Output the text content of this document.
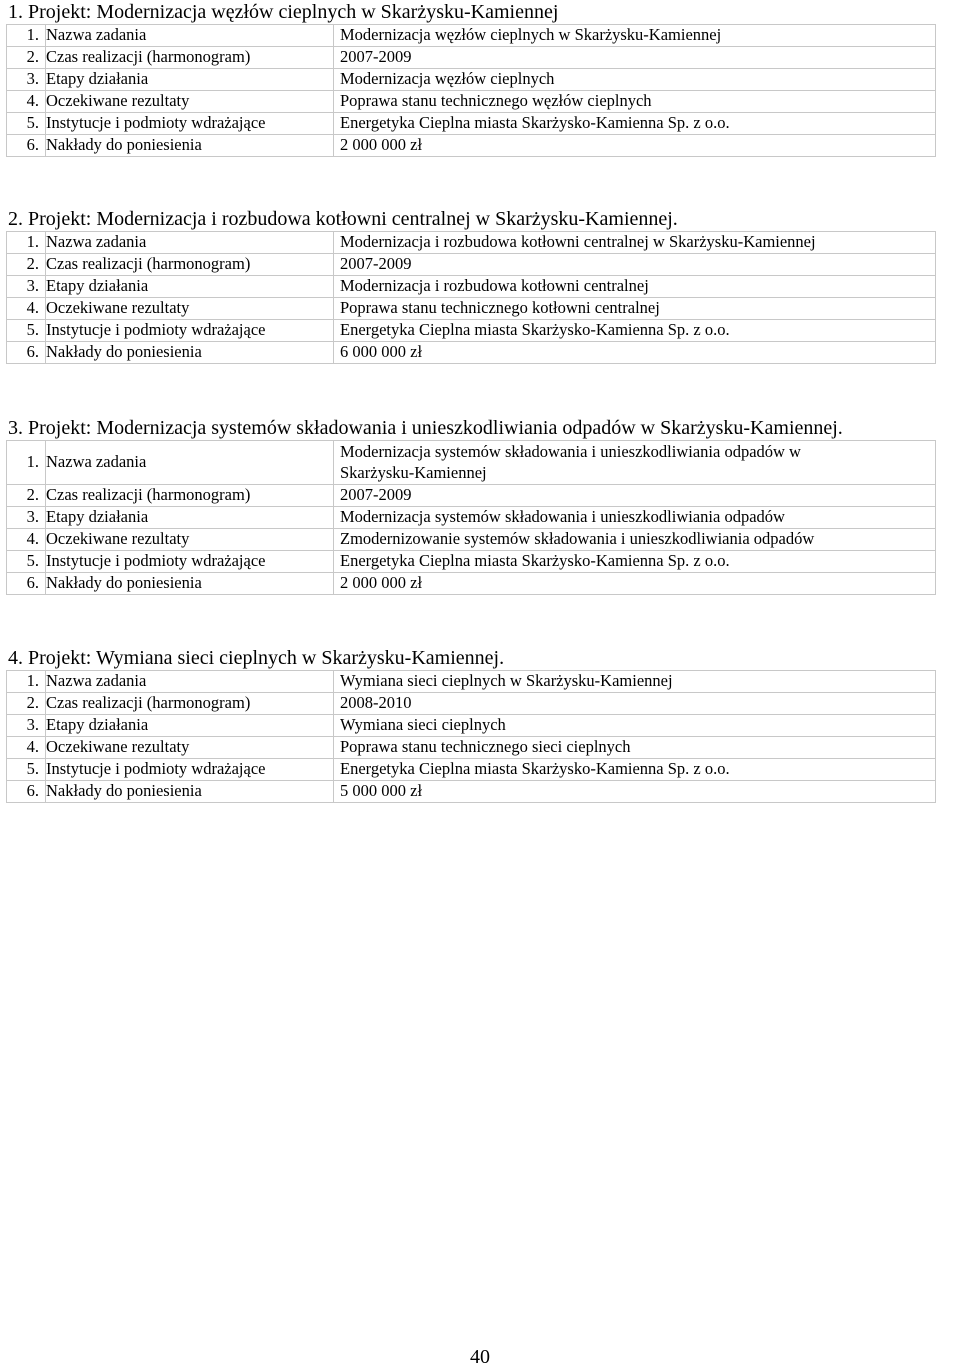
1. Projekt: Modernizacja węzłów cieplnych w Skarżysku-Kamiennej

1.	Nazwa zadania	Modernizacja węzłów cieplnych w Skarżysku-Kamiennej
2.	Czas realizacji (harmonogram)	2007-2009
3.	Etapy działania	Modernizacja węzłów cieplnych
4.	Oczekiwane rezultaty	Poprawa stanu technicznego węzłów cieplnych
5.	Instytucje i podmioty wdrażające	Energetyka Cieplna miasta Skarżysko-Kamienna Sp. z o.o.
6.	Nakłady do poniesienia	2 000 000 zł

2. Projekt: Modernizacja i rozbudowa kotłowni centralnej w Skarżysku-Kamiennej.

1.	Nazwa zadania	Modernizacja i rozbudowa kotłowni centralnej w Skarżysku-Kamiennej
2.	Czas realizacji (harmonogram)	2007-2009
3.	Etapy działania	Modernizacja i rozbudowa kotłowni centralnej
4.	Oczekiwane rezultaty	Poprawa stanu technicznego kotłowni centralnej
5.	Instytucje i podmioty wdrażające	Energetyka Cieplna miasta Skarżysko-Kamienna Sp. z o.o.
6.	Nakłady do poniesienia	6 000 000 zł

3. Projekt: Modernizacja systemów składowania i unieszkodliwiania odpadów w Skarżysku-Kamiennej.

1.	Nazwa zadania	Modernizacja systemów składowania i unieszkodliwiania odpadów w Skarżysku-Kamiennej
2.	Czas realizacji (harmonogram)	2007-2009
3.	Etapy działania	Modernizacja systemów składowania i unieszkodliwiania odpadów
4.	Oczekiwane rezultaty	Zmodernizowanie systemów składowania i unieszkodliwiania odpadów
5.	Instytucje i podmioty wdrażające	Energetyka Cieplna miasta Skarżysko-Kamienna Sp. z o.o.
6.	Nakłady do poniesienia	2 000 000 zł

4. Projekt: Wymiana sieci cieplnych w Skarżysku-Kamiennej.

1.	Nazwa zadania	Wymiana sieci cieplnych w Skarżysku-Kamiennej
2.	Czas realizacji (harmonogram)	2008-2010
3.	Etapy działania	Wymiana sieci cieplnych
4.	Oczekiwane rezultaty	Poprawa stanu technicznego sieci cieplnych
5.	Instytucje i podmioty wdrażające	Energetyka Cieplna miasta Skarżysko-Kamienna Sp. z o.o.
6.	Nakłady do poniesienia	5 000 000 zł
40
